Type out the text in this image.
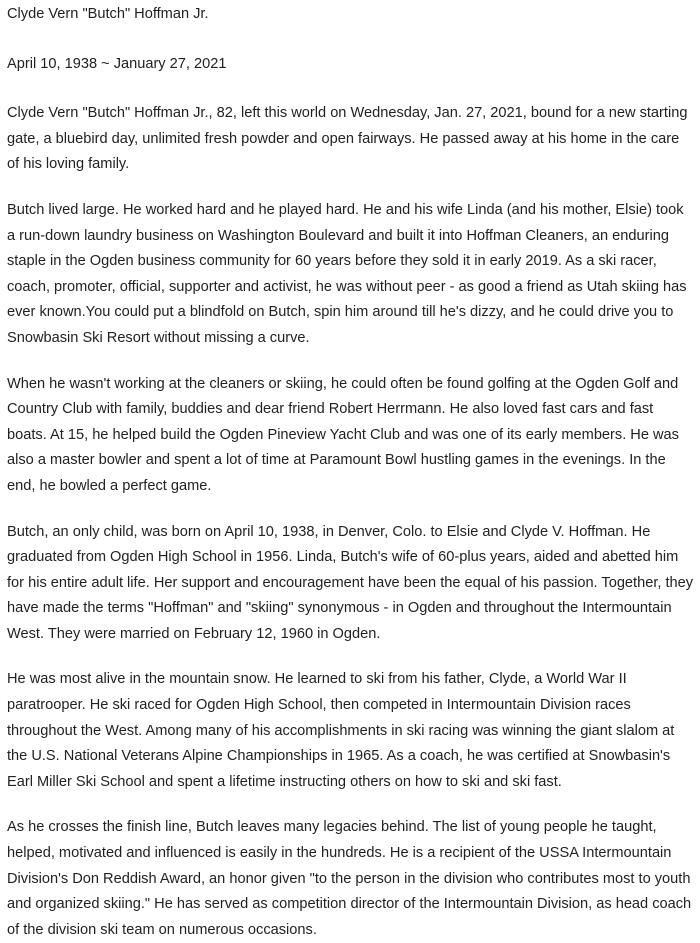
Clyde Vern "Butch" Hoffman Jr.

April 10, 1938 ~ January 27, 2021

Clyde Vern "Butch" Hoffman Jr., 82, left this world on Wednesday, Jan. 27, 2021, bound for a new starting gate, a bluebird day, unlimited fresh powder and open fairways. He passed away at his home in the care of his loving family.

Butch lived large. He worked hard and he played hard. He and his wife Linda (and his mother, Elsie) took a run-down laundry business on Washington Boulevard and built it into Hoffman Cleaners, an enduring staple in the Ogden business community for 60 years before they sold it in early 2019. As a ski racer, coach, promoter, official, supporter and activist, he was without peer - as good a friend as Utah skiing has ever known.You could put a blindfold on Butch, spin him around till he's dizzy, and he could drive you to Snowbasin Ski Resort without missing a curve.

When he wasn't working at the cleaners or skiing, he could often be found golfing at the Ogden Golf and Country Club with family, buddies and dear friend Robert Herrmann. He also loved fast cars and fast boats. At 15, he helped build the Ogden Pineview Yacht Club and was one of its early members. He was also a master bowler and spent a lot of time at Paramount Bowl hustling games in the evenings. In the end, he bowled a perfect game.

Butch, an only child, was born on April 10, 1938, in Denver, Colo. to Elsie and Clyde V. Hoffman. He graduated from Ogden High School in 1956. Linda, Butch's wife of 60-plus years, aided and abetted him for his entire adult life. Her support and encouragement have been the equal of his passion. Together, they have made the terms "Hoffman" and "skiing" synonymous - in Ogden and throughout the Intermountain West. They were married on February 12, 1960 in Ogden.

He was most alive in the mountain snow. He learned to ski from his father, Clyde, a World War II paratrooper. He ski raced for Ogden High School, then competed in Intermountain Division races throughout the West. Among many of his accomplishments in ski racing was winning the giant slalom at the U.S. National Veterans Alpine Championships in 1965. As a coach, he was certified at Snowbasin's Earl Miller Ski School and spent a lifetime instructing others on how to ski and ski fast.

As he crosses the finish line, Butch leaves many legacies behind. The list of young people he taught, helped, motivated and influenced is easily in the hundreds. He is a recipient of the USSA Intermountain Division's Don Reddish Award, an honor given "to the person in the division who contributes most to youth and organized skiing." He has served as competition director of the Intermountain Division, as head coach of the division ski team on numerous occasions.
